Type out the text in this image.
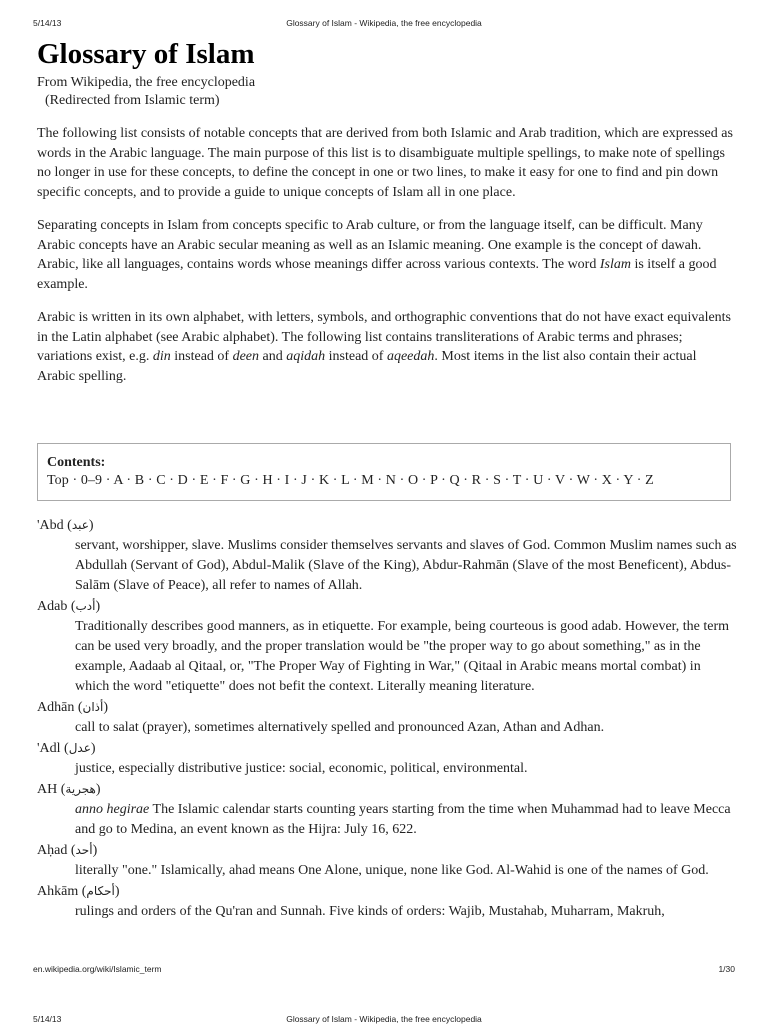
5/14/13	Glossary of Islam - Wikipedia, the free encyclopedia
Glossary of Islam
From Wikipedia, the free encyclopedia
(Redirected from Islamic term)

The following list consists of notable concepts that are derived from both Islamic and Arab tradition, which are expressed as words in the Arabic language. The main purpose of this list is to disambiguate multiple spellings, to make note of spellings no longer in use for these concepts, to define the concept in one or two lines, to make it easy for one to find and pin down specific concepts, and to provide a guide to unique concepts of Islam all in one place.

Separating concepts in Islam from concepts specific to Arab culture, or from the language itself, can be difficult. Many Arabic concepts have an Arabic secular meaning as well as an Islamic meaning. One example is the concept of dawah. Arabic, like all languages, contains words whose meanings differ across various contexts. The word Islam is itself a good example.

Arabic is written in its own alphabet, with letters, symbols, and orthographic conventions that do not have exact equivalents in the Latin alphabet (see Arabic alphabet). The following list contains transliterations of Arabic terms and phrases; variations exist, e.g. din instead of deen and aqidah instead of aqeedah. Most items in the list also contain their actual Arabic spelling.

Contents:
Top · 0–9 · A · B · C · D · E · F · G · H · I · J · K · L · M · N · O · P · Q · R · S · T · U · V · W · X · Y · Z
'Abd (عبد)
servant, worshipper, slave. Muslims consider themselves servants and slaves of God. Common Muslim names such as Abdullah (Servant of God), Abdul-Malik (Slave of the King), Abdur-Rahmān (Slave of the most Beneficent), Abdus-Salām (Slave of Peace), all refer to names of Allah.
Adab (أدب)
Traditionally describes good manners, as in etiquette. For example, being courteous is good adab. However, the term can be used very broadly, and the proper translation would be "the proper way to go about something," as in the example, Aadaab al Qitaal, or, "The Proper Way of Fighting in War," (Qitaal in Arabic means mortal combat) in which the word "etiquette" does not befit the context. Literally meaning literature.
Adhān (أذان)
call to salat (prayer), sometimes alternatively spelled and pronounced Azan, Athan and Adhan.
'Adl (عدل)
justice, especially distributive justice: social, economic, political, environmental.
AH (هجرية)
anno hegirae The Islamic calendar starts counting years starting from the time when Muhammad had to leave Mecca and go to Medina, an event known as the Hijra: July 16, 622.
Aḥad (أحد)
literally "one." Islamically, ahad means One Alone, unique, none like God. Al-Wahid is one of the names of God.
Ahkām (أحكام)
rulings and orders of the Qu'ran and Sunnah. Five kinds of orders: Wajib, Mustahab, Muharram, Makruh,
en.wikipedia.org/wiki/Islamic_term	1/30
5/14/13	Glossary of Islam - Wikipedia, the free encyclopedia
